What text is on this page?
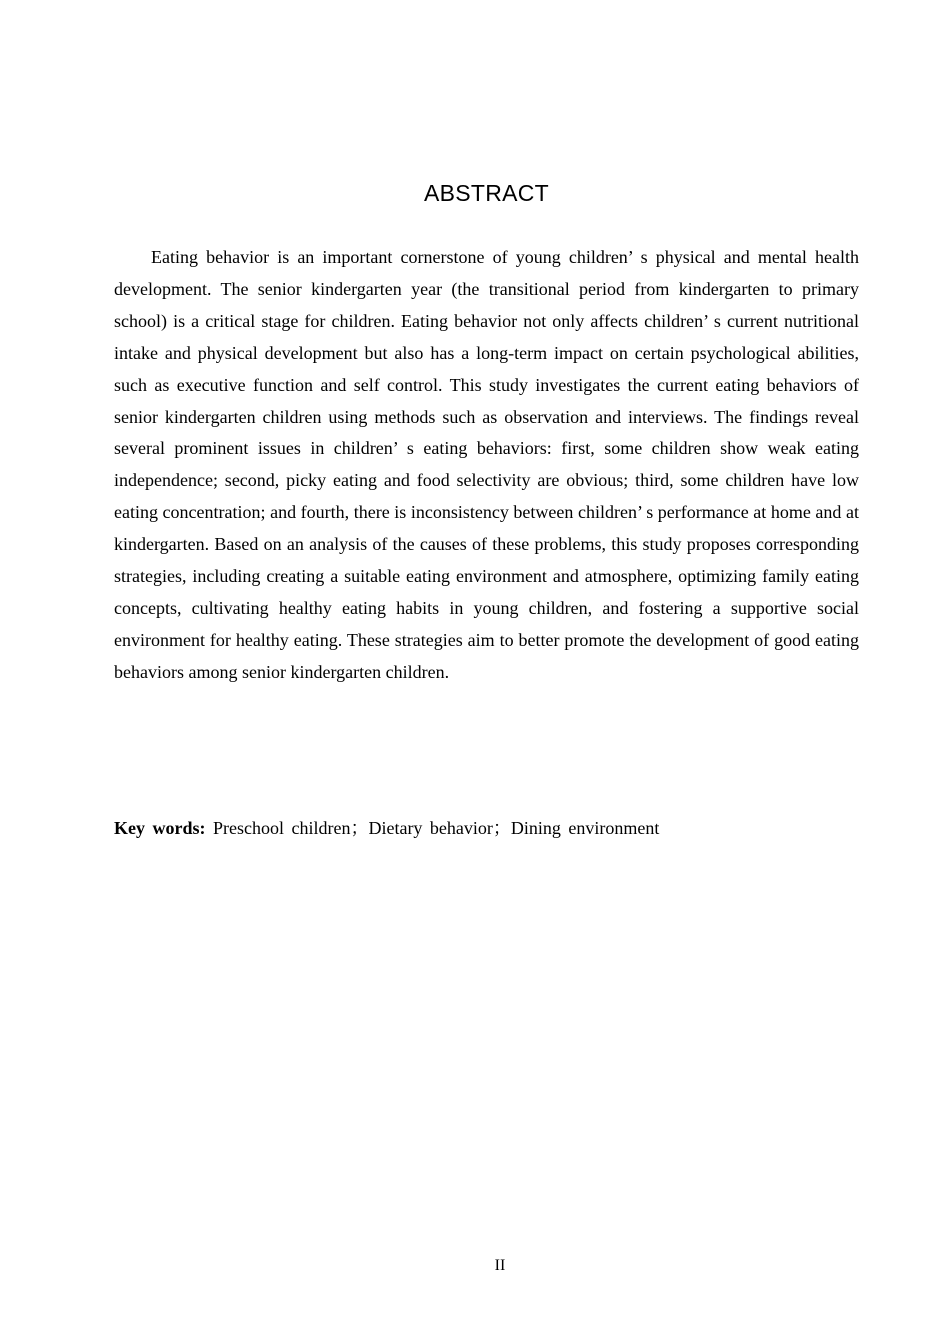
ABSTRACT

Eating behavior is an important cornerstone of young children’ s physical and mental health development. The senior kindergarten year (the transitional period from kindergarten to primary school) is a critical stage for children. Eating behavior not only affects children’ s current nutritional intake and physical development but also has a long-term impact on certain psychological abilities, such as executive function and self control. This study investigates the current eating behaviors of senior kindergarten children using methods such as observation and interviews. The findings reveal several prominent issues in children’ s eating behaviors: first, some children show weak eating independence; second, picky eating and food selectivity are obvious; third, some children have low eating concentration; and fourth, there is inconsistency between children’ s performance at home and at kindergarten. Based on an analysis of the causes of these problems, this study proposes corresponding strategies, including creating a suitable eating environment and atmosphere, optimizing family eating concepts, cultivating healthy eating habits in young children, and fostering a supportive social environment for healthy eating. These strategies aim to better promote the development of good eating behaviors among senior kindergarten children.

Key words: Preschool children；Dietary behavior；Dining environment

II
